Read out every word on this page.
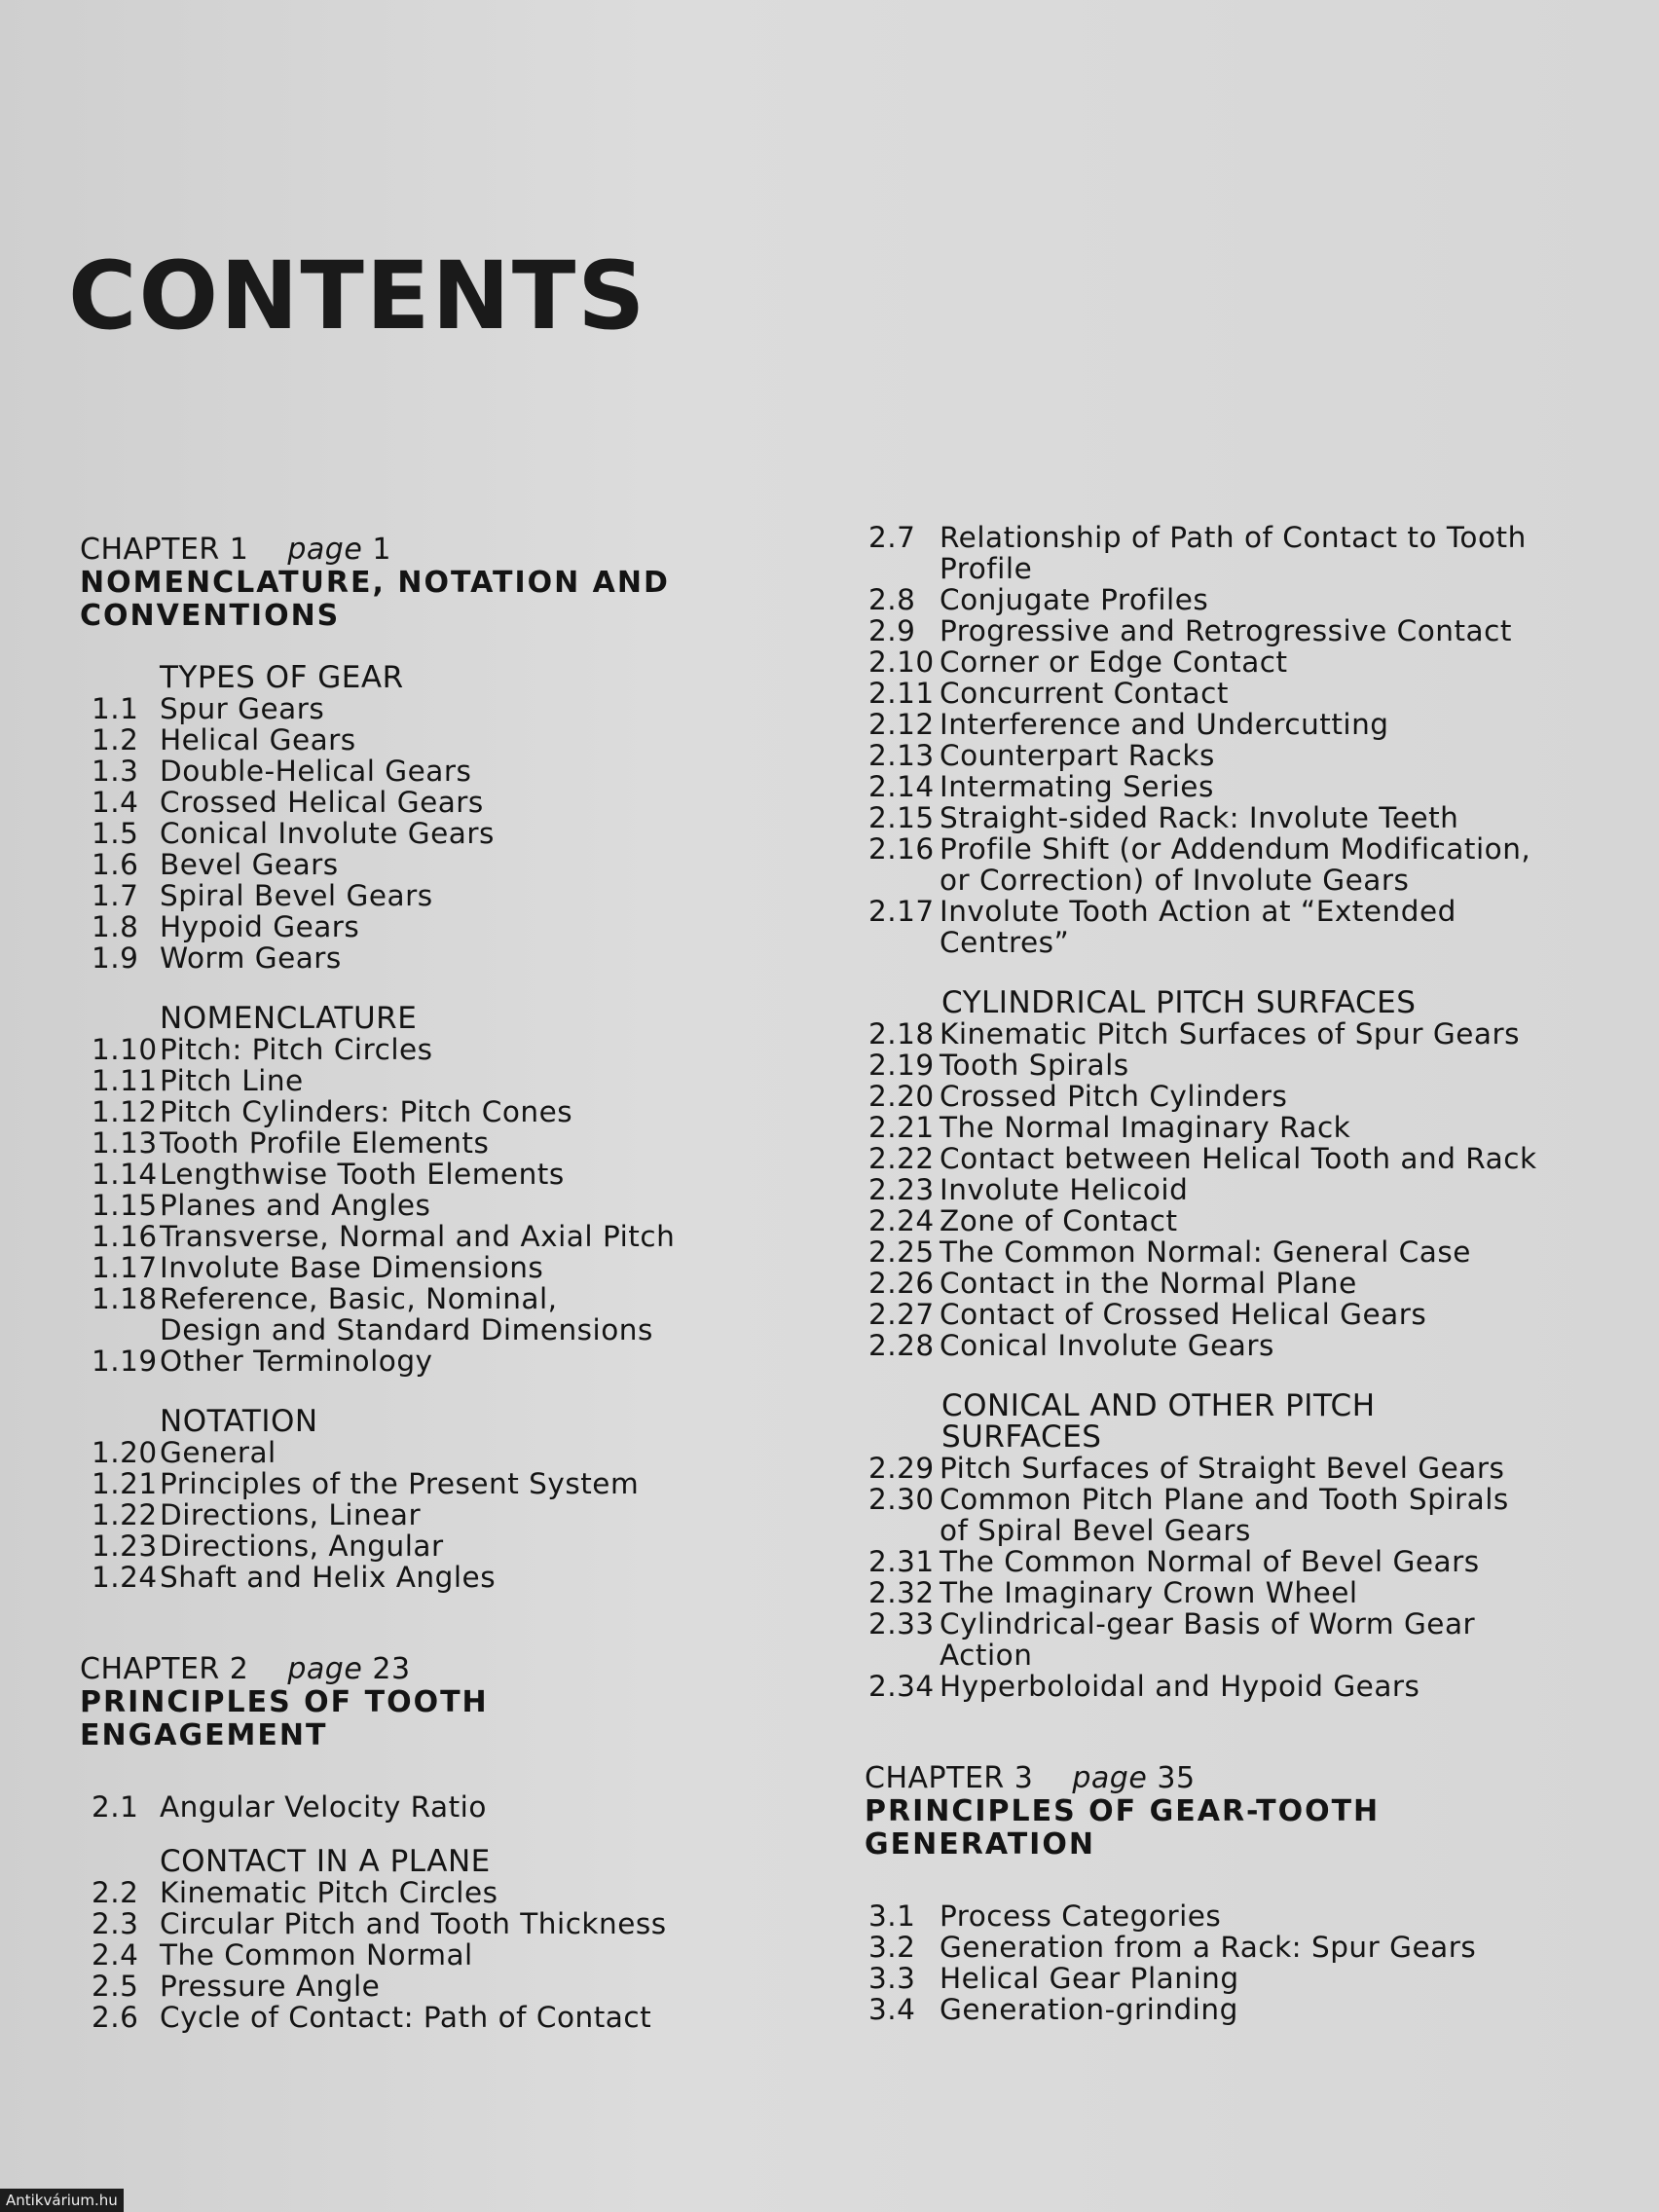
CONTENTS
CHAPTER 1 page 1
NOMENCLATURE, NOTATION AND
CONVENTIONS
TYPES OF GEAR
1.1 Spur Gears
1.2 Helical Gears
1.3 Double-Helical Gears
1.4 Crossed Helical Gears
1.5 Conical Involute Gears
1.6 Bevel Gears
1.7 Spiral Bevel Gears
1.8 Hypoid Gears
1.9 Worm Gears
NOMENCLATURE
1.10 Pitch: Pitch Circles
1.11 Pitch Line
1.12 Pitch Cylinders: Pitch Cones
1.13 Tooth Profile Elements
1.14 Lengthwise Tooth Elements
1.15 Planes and Angles
1.16 Transverse, Normal and Axial Pitch
1.17 Involute Base Dimensions
1.18 Reference, Basic, Nominal,
Design and Standard Dimensions
1.19 Other Terminology
NOTATION
1.20 General
1.21 Principles of the Present System
1.22 Directions, Linear
1.23 Directions, Angular
1.24 Shaft and Helix Angles
CHAPTER 2 page 23
PRINCIPLES OF TOOTH
ENGAGEMENT
2.1 Angular Velocity Ratio
CONTACT IN A PLANE
2.2 Kinematic Pitch Circles
2.3 Circular Pitch and Tooth Thickness
2.4 The Common Normal
2.5 Pressure Angle
2.6 Cycle of Contact: Path of Contact
2.7 Relationship of Path of Contact to Tooth
Profile
2.8 Conjugate Profiles
2.9 Progressive and Retrogressive Contact
2.10 Corner or Edge Contact
2.11 Concurrent Contact
2.12 Interference and Undercutting
2.13 Counterpart Racks
2.14 Intermating Series
2.15 Straight-sided Rack: Involute Teeth
2.16 Profile Shift (or Addendum Modification,
or Correction) of Involute Gears
2.17 Involute Tooth Action at “Extended
Centres”
CYLINDRICAL PITCH SURFACES
2.18 Kinematic Pitch Surfaces of Spur Gears
2.19 Tooth Spirals
2.20 Crossed Pitch Cylinders
2.21 The Normal Imaginary Rack
2.22 Contact between Helical Tooth and Rack
2.23 Involute Helicoid
2.24 Zone of Contact
2.25 The Common Normal: General Case
2.26 Contact in the Normal Plane
2.27 Contact of Crossed Helical Gears
2.28 Conical Involute Gears
CONICAL AND OTHER PITCH
SURFACES
2.29 Pitch Surfaces of Straight Bevel Gears
2.30 Common Pitch Plane and Tooth Spirals
of Spiral Bevel Gears
2.31 The Common Normal of Bevel Gears
2.32 The Imaginary Crown Wheel
2.33 Cylindrical-gear Basis of Worm Gear
Action
2.34 Hyperboloidal and Hypoid Gears
CHAPTER 3 page 35
PRINCIPLES OF GEAR-TOOTH
GENERATION
3.1 Process Categories
3.2 Generation from a Rack: Spur Gears
3.3 Helical Gear Planing
3.4 Generation-grinding
Antikvárium.hu
